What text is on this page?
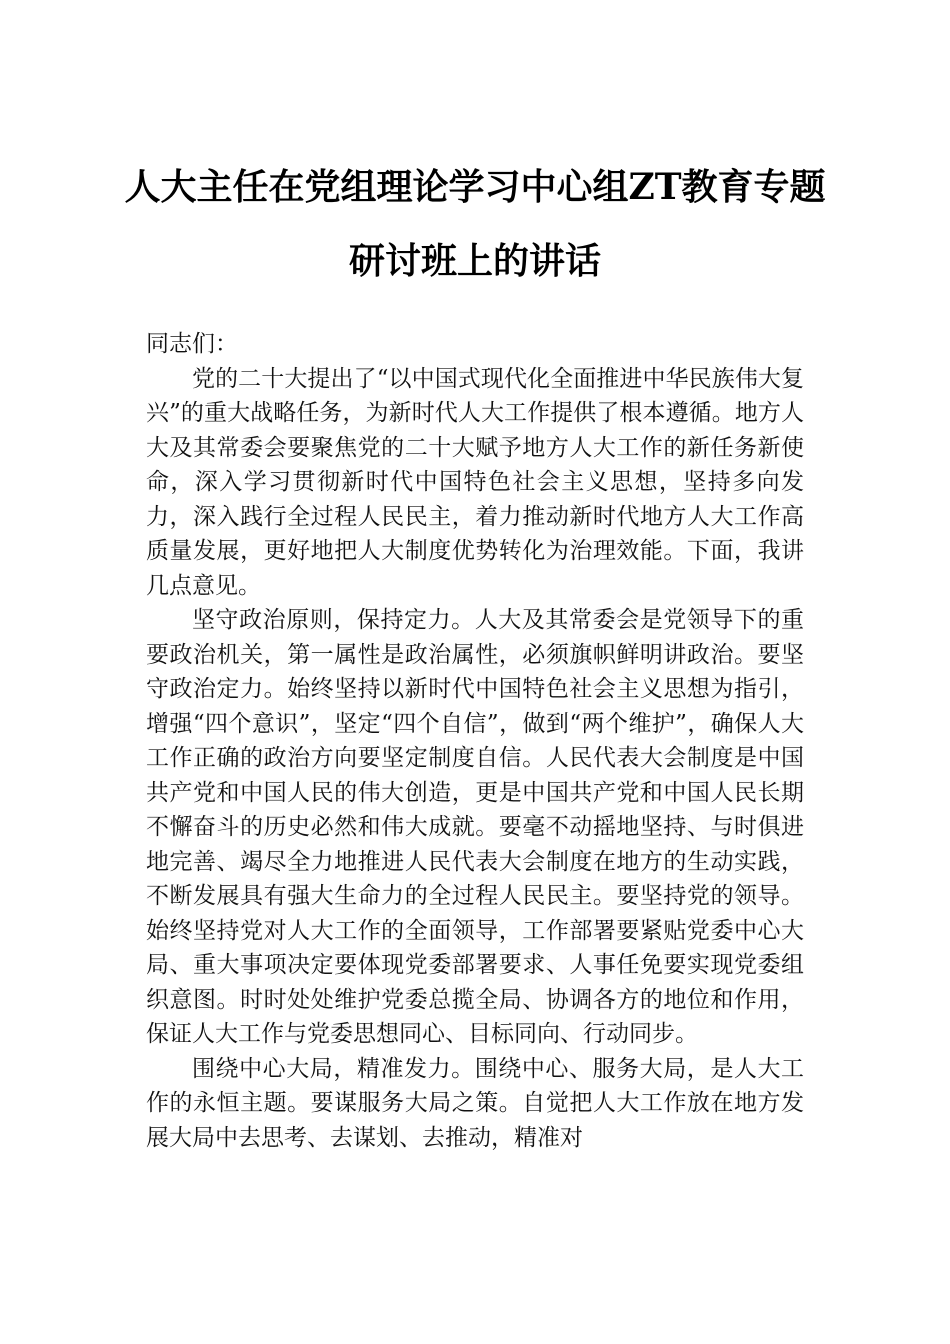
人大主任在党组理论学习中心组ZT教育专题研讨班上的讲话

同志们：

党的二十大提出了“以中国式现代化全面推进中华民族伟大复兴”的重大战略任务，为新时代人大工作提供了根本遵循。地方人大及其常委会要聚焦党的二十大赋予地方人大工作的新任务新使命，深入学习贯彻新时代中国特色社会主义思想，坚持多向发力，深入践行全过程人民民主，着力推动新时代地方人大工作高质量发展，更好地把人大制度优势转化为治理效能。下面，我讲几点意见。

坚守政治原则，保持定力。人大及其常委会是党领导下的重要政治机关，第一属性是政治属性，必须旗帜鲜明讲政治。要坚守政治定力。始终坚持以新时代中国特色社会主义思想为指引，增强“四个意识”，坚定“四个自信”，做到“两个维护”，确保人大工作正确的政治方向要坚定制度自信。人民代表大会制度是中国共产党和中国人民的伟大创造，更是中国共产党和中国人民长期不懈奋斗的历史必然和伟大成就。要毫不动摇地坚持、与时俱进地完善、竭尽全力地推进人民代表大会制度在地方的生动实践，不断发展具有强大生命力的全过程人民民主。要坚持党的领导。始终坚持党对人大工作的全面领导，工作部署要紧贴党委中心大局、重大事项决定要体现党委部署要求、人事任免要实现党委组织意图。时时处处维护党委总揽全局、协调各方的地位和作用，保证人大工作与党委思想同心、目标同向、行动同步。

围绕中心大局，精准发力。围绕中心、服务大局，是人大工作的永恒主题。要谋服务大局之策。自觉把人大工作放在地方发展大局中去思考、去谋划、去推动，精准对
